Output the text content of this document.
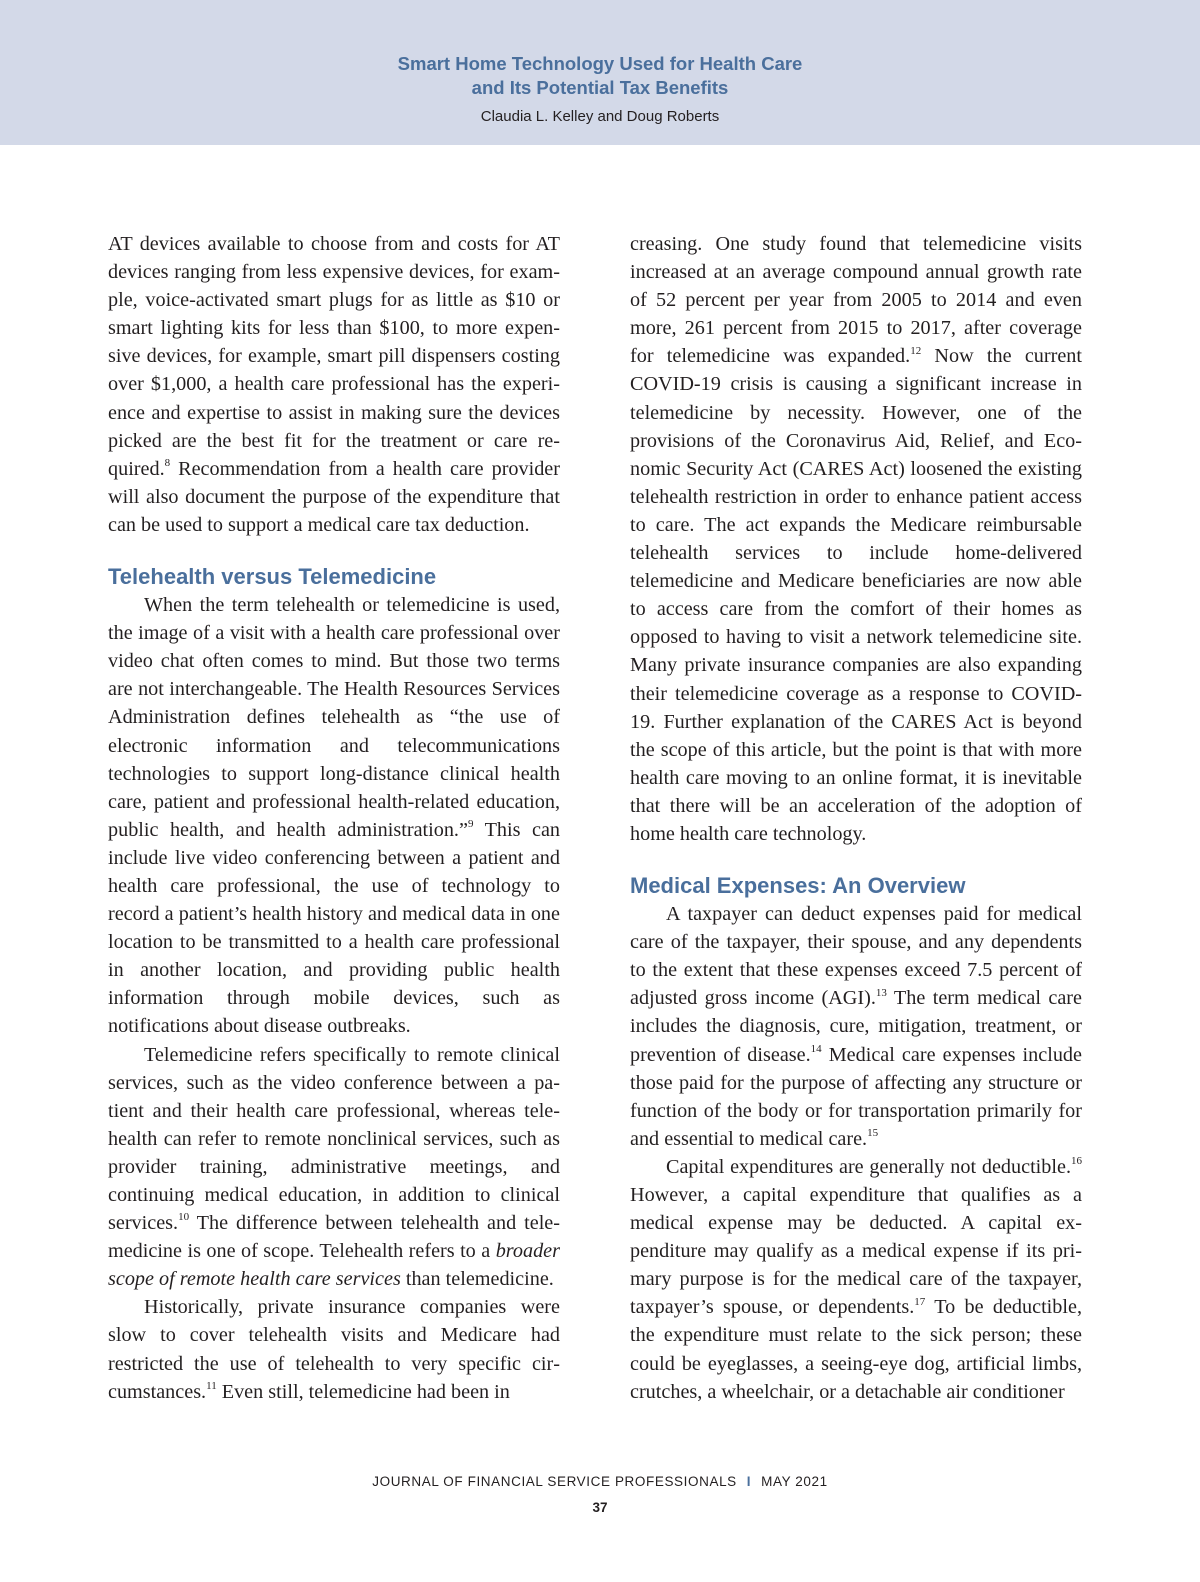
Smart Home Technology Used for Health Care
and Its Potential Tax Benefits
Claudia L. Kelley and Doug Roberts

AT devices available to choose from and costs for AT devices ranging from less expensive devices, for example, voice-activated smart plugs for as little as $10 or smart lighting kits for less than $100, to more expensive devices, for example, smart pill dispensers costing over $1,000, a health care professional has the experience and expertise to assist in making sure the devices picked are the best fit for the treatment or care required.$^8$ Recommendation from a health care provider will also document the purpose of the expenditure that can be used to support a medical care tax deduction.

Telehealth versus Telemedicine

When the term telehealth or telemedicine is used, the image of a visit with a health care professional over video chat often comes to mind. But those two terms are not interchangeable. The Health Resources Services Administration defines telehealth as “the use of electronic information and telecommunications technologies to support long-distance clinical health care, patient and professional health-related education, public health, and health administration.”$^9$ This can include live video conferencing between a patient and health care professional, the use of technology to record a patient’s health history and medical data in one location to be transmitted to a health care professional in another location, and providing public health information through mobile devices, such as notifications about disease outbreaks.

Telemedicine refers specifically to remote clinical services, such as the video conference between a patient and their health care professional, whereas telehealth can refer to remote nonclinical services, such as provider training, administrative meetings, and continuing medical education, in addition to clinical services.$^{10}$ The difference between telehealth and telemedicine is one of scope. Telehealth refers to a broader scope of remote health care services than telemedicine.

Historically, private insurance companies were slow to cover telehealth visits and Medicare had restricted the use of telehealth to very specific circumstances.$^{11}$ Even still, telemedicine had been in

creasing. One study found that telemedicine visits increased at an average compound annual growth rate of 52 percent per year from 2005 to 2014 and even more, 261 percent from 2015 to 2017, after coverage for telemedicine was expanded.$^{12}$ Now the current COVID-19 crisis is causing a significant increase in telemedicine by necessity. However, one of the provisions of the Coronavirus Aid, Relief, and Economic Security Act (CARES Act) loosened the existing telehealth restriction in order to enhance patient access to care. The act expands the Medicare reimbursable telehealth services to include home-delivered telemedicine and Medicare beneficiaries are now able to access care from the comfort of their homes as opposed to having to visit a network telemedicine site. Many private insurance companies are also expanding their telemedicine coverage as a response to COVID-19. Further explanation of the CARES Act is beyond the scope of this article, but the point is that with more health care moving to an online format, it is inevitable that there will be an acceleration of the adoption of home health care technology.

Medical Expenses: An Overview

A taxpayer can deduct expenses paid for medical care of the taxpayer, their spouse, and any dependents to the extent that these expenses exceed 7.5 percent of adjusted gross income (AGI).$^{13}$ The term medical care includes the diagnosis, cure, mitigation, treatment, or prevention of disease.$^{14}$ Medical care expenses include those paid for the purpose of affecting any structure or function of the body or for transportation primarily for and essential to medical care.$^{15}$

Capital expenditures are generally not deductible.$^{16}$ However, a capital expenditure that qualifies as a medical expense may be deducted. A capital expenditure may qualify as a medical expense if its primary purpose is for the medical care of the taxpayer, taxpayer’s spouse, or dependents.$^{17}$ To be deductible, the expenditure must relate to the sick person; these could be eyeglasses, a seeing-eye dog, artificial limbs, crutches, a wheelchair, or a detachable air conditioner

JOURNAL OF FINANCIAL SERVICE PROFESSIONALS I MAY 2021
37
